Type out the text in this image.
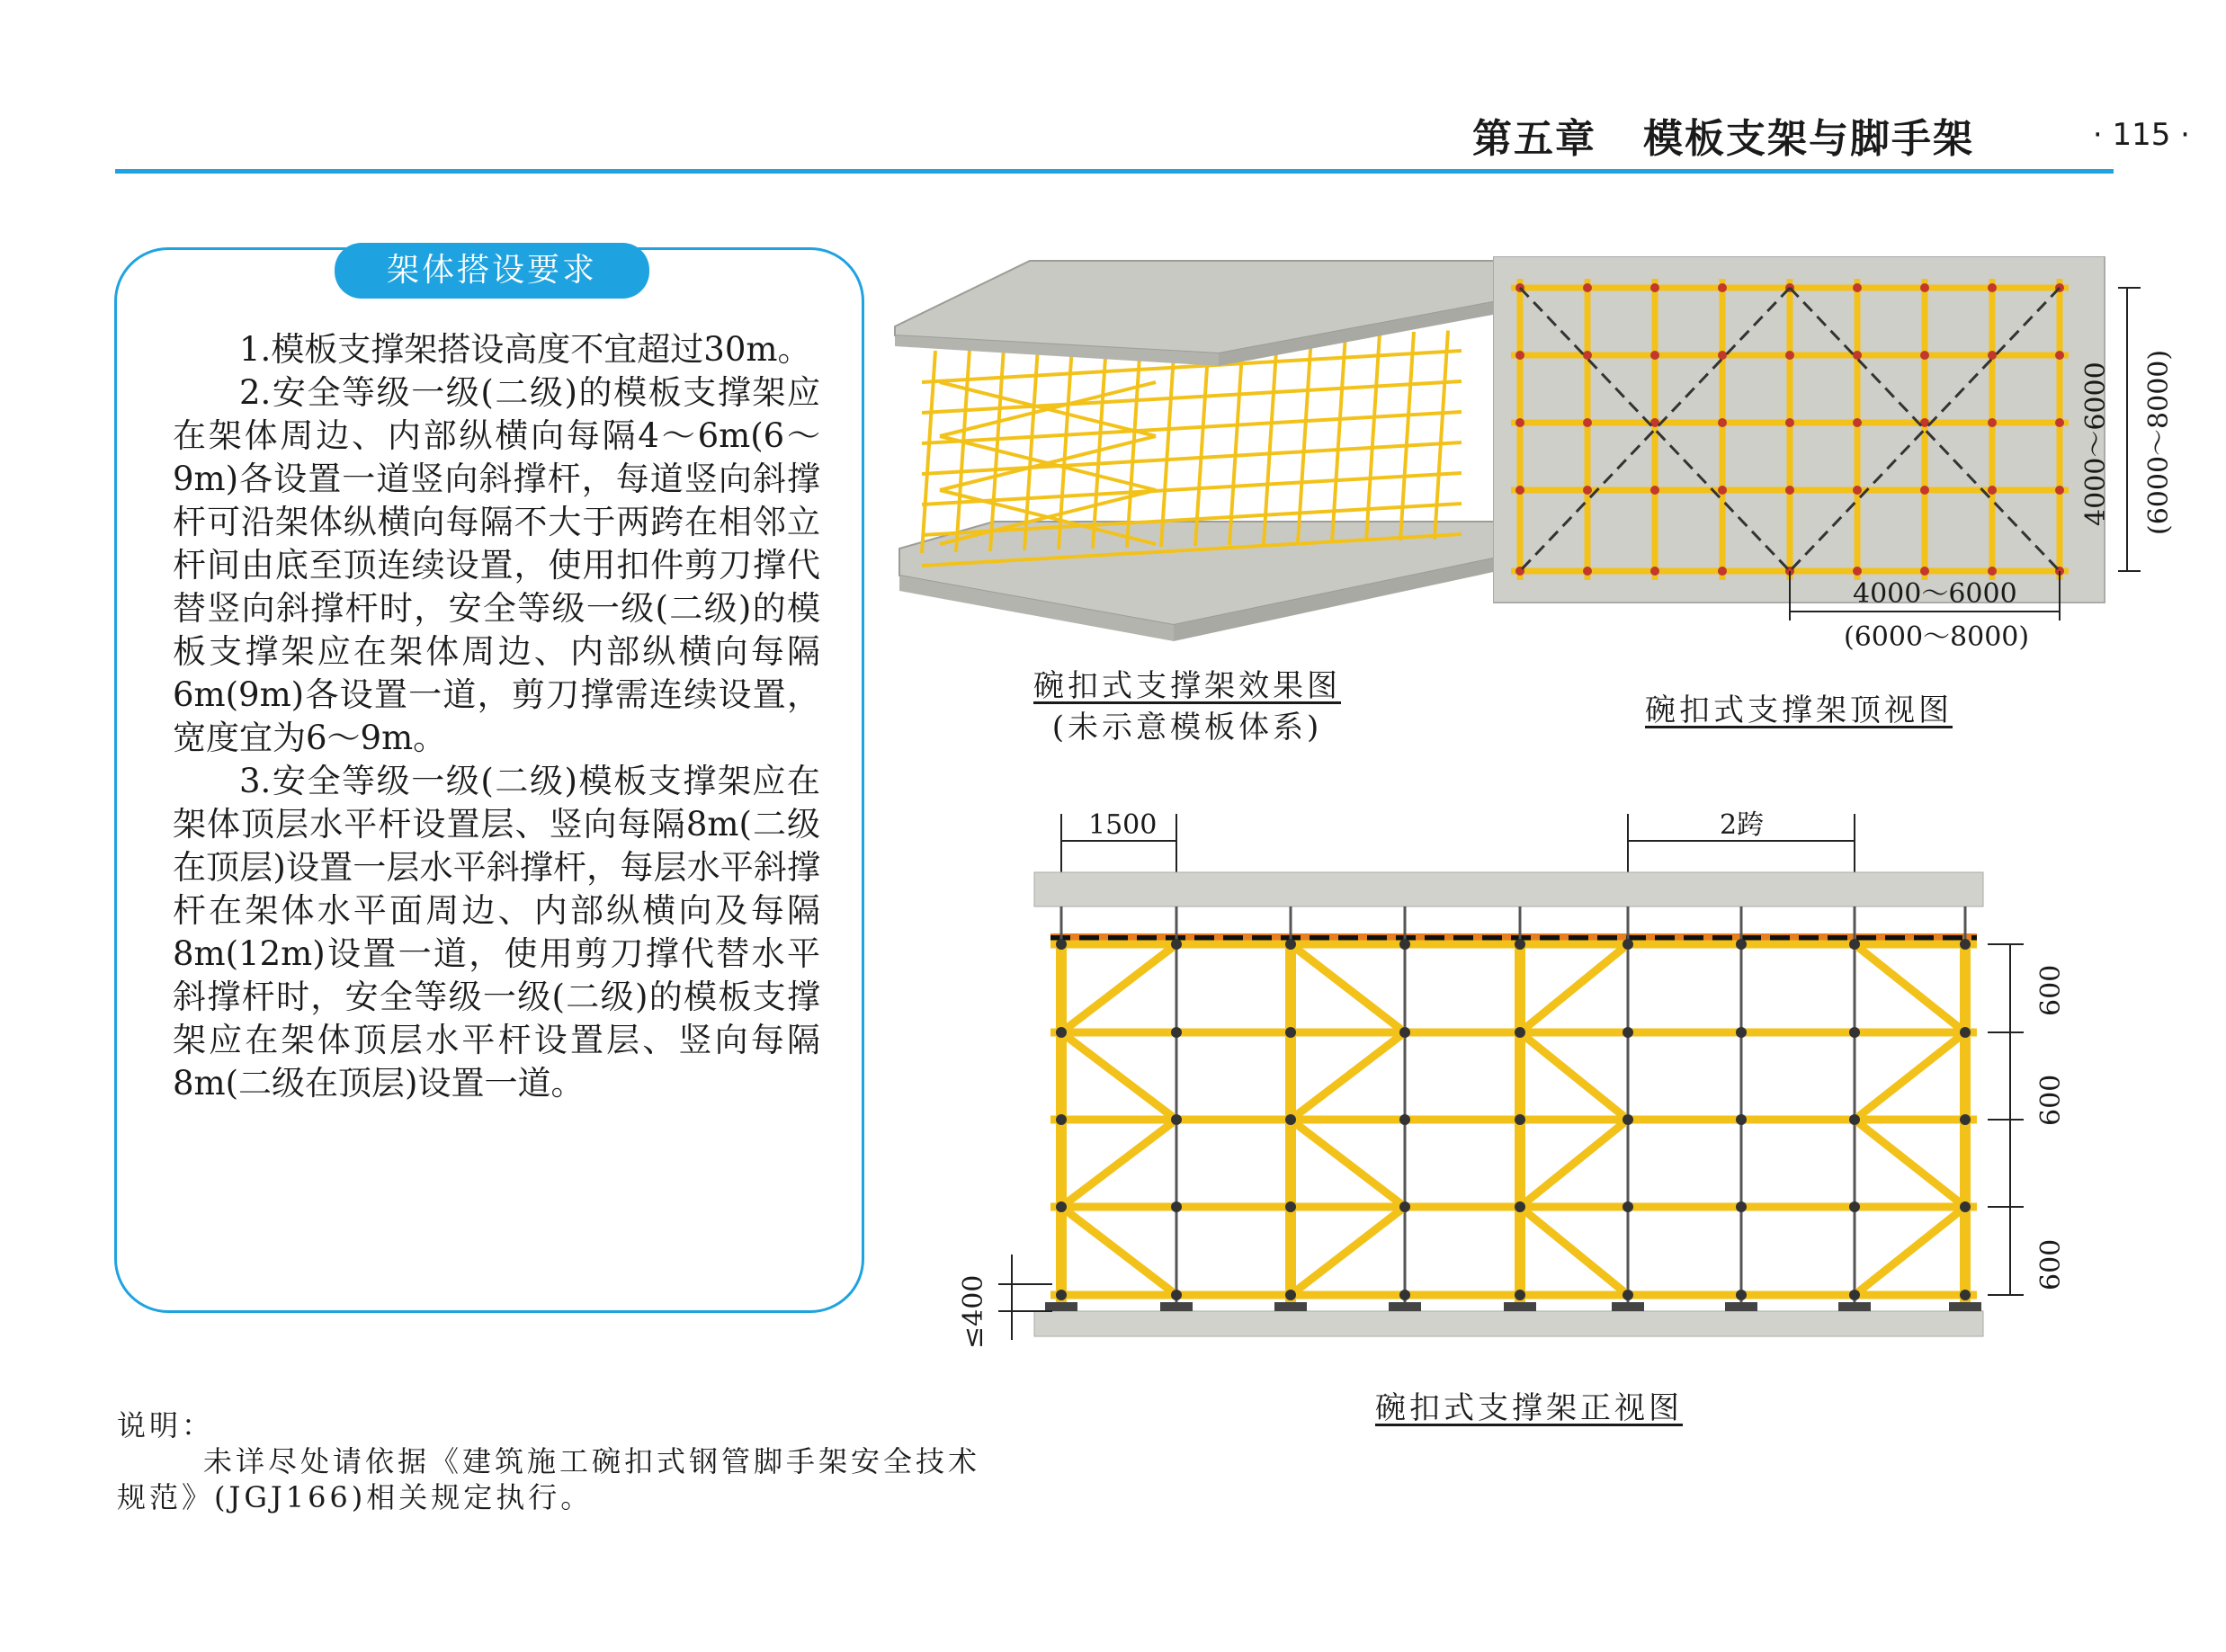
第五章   模板支架与脚手架	· 115 ·
架体搭设要求

1.模板支撑架搭设高度不宜超过30m。

2.安全等级一级(二级)的模板支撑架应在架体周边、内部纵横向每隔4～6m(6～9m)各设置一道竖向斜撑杆，每道竖向斜撑杆可沿架体纵横向每隔不大于两跨在相邻立杆间由底至顶连续设置，使用扣件剪刀撑代替竖向斜撑杆时，安全等级一级(二级)的模板支撑架应在架体周边、内部纵横向每隔6m(9m)各设置一道，剪刀撑需连续设置，宽度宜为6～9m。

3.安全等级一级(二级)模板支撑架应在架体顶层水平杆设置层、竖向每隔8m(二级在顶层)设置一层水平斜撑杆，每层水平斜撑杆在架体水平面周边、内部纵横向及每隔8m(12m)设置一道，使用剪刀撑代替水平斜撑杆时，安全等级一级(二级)的模板支撑架应在架体顶层水平杆设置层、竖向每隔8m(二级在顶层)设置一道。

碗扣式支撑架效果图
(未示意模板体系)
4000～6000 (6000～8000)
4000～6000
(6000～8000)
碗扣式支撑架顶视图
1500	2跨
600
600
600
≤400
碗扣式支撑架正视图

说明：

未详尽处请依据《建筑施工碗扣式钢管脚手架安全技术

规范》(JGJ166)相关规定执行。
